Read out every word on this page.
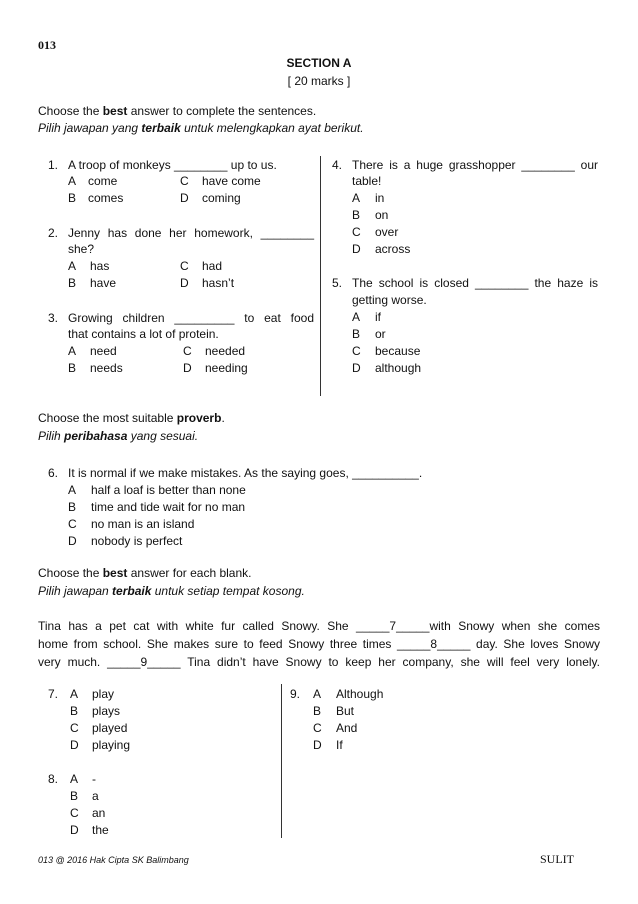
013
SECTION A
[ 20 marks ]
Choose the best answer to complete the sentences.
Pilih jawapan yang terbaik untuk melengkapkan ayat berikut.
1. A troop of monkeys ________ up to us.
A come	C have come
B comes	D coming
2. Jenny has done her homework, ________
she?
A has	C had
B have	D hasn’t
3. Growing children _________ to eat food
that contains a lot of protein.
A need	C needed
B needs	D needing
4. There is a huge grasshopper ________ our
table!
A in
B on
C over
D across
5. The school is closed ________ the haze is
getting worse.
A if
B or
C because
D although
Choose the most suitable proverb.
Pilih peribahasa yang sesuai.
6. It is normal if we make mistakes. As the saying goes, __________.
A half a loaf is better than none
B time and tide wait for no man
C no man is an island
D nobody is perfect
Choose the best answer for each blank.
Pilih jawapan terbaik untuk setiap tempat kosong.
Tina has a pet cat with white fur called Snowy. She _____7_____with Snowy when she comes
home from school. She makes sure to feed Snowy three times _____8_____ day. She loves Snowy
very much. _____9_____ Tina didn’t have Snowy to keep her company, she will feel very lonely.
7. A play
B plays
C played
D playing
8. A -
B a
C an
D the
9. A Although
B But
C And
D If
013 @ 2016 Hak Cipta SK Balimbang	SULIT
